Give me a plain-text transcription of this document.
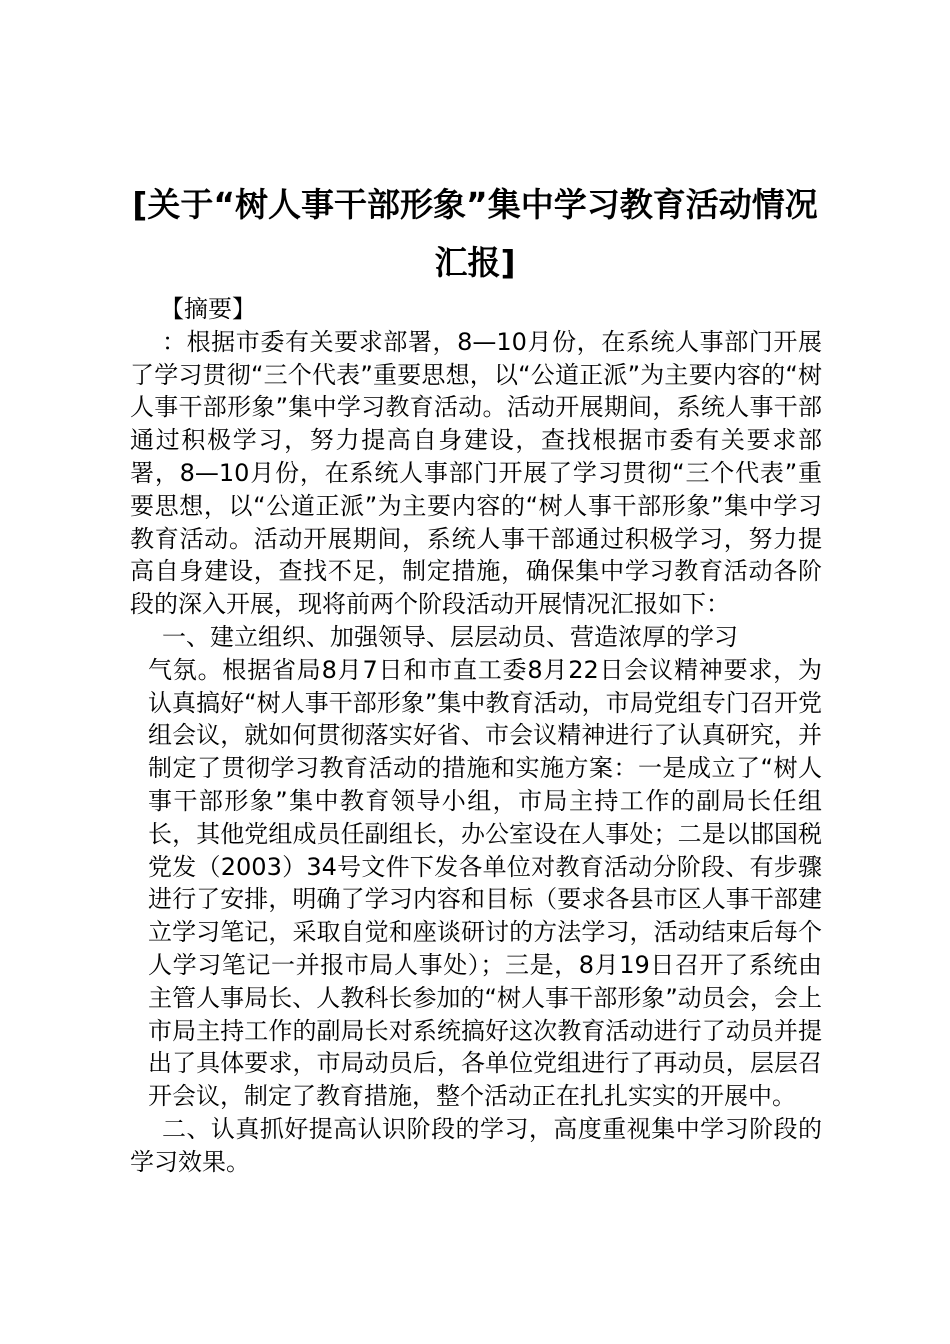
[关于“树人事干部形象”集中学习教育活动情况汇报]

【摘要】

：根据市委有关要求部署，8—10月份，在系统人事部门开展了学习贯彻“三个代表”重要思想，以“公道正派”为主要内容的“树人事干部形象”集中学习教育活动。活动开展期间，系统人事干部通过积极学习，努力提高自身建设，查找根据市委有关要求部署，8—10月份，在系统人事部门开展了学习贯彻“三个代表”重要思想，以“公道正派”为主要内容的“树人事干部形象”集中学习教育活动。活动开展期间，系统人事干部通过积极学习，努力提高自身建设，查找不足，制定措施，确保集中学习教育活动各阶段的深入开展，现将前两个阶段活动开展情况汇报如下：

一、建立组织、加强领导、层层动员、营造浓厚的学习

气氛。根据省局8月7日和市直工委8月22日会议精神要求，为认真搞好“树人事干部形象”集中教育活动，市局党组专门召开党组会议，就如何贯彻落实好省、市会议精神进行了认真研究，并制定了贯彻学习教育活动的措施和实施方案：一是成立了“树人事干部形象”集中教育领导小组，市局主持工作的副局长任组长，其他党组成员任副组长，办公室设在人事处；二是以邯国税党发（2003）34号文件下发各单位对教育活动分阶段、有步骤进行了安排，明确了学习内容和目标（要求各县市区人事干部建立学习笔记，采取自觉和座谈研讨的方法学习，活动结束后每个人学习笔记一并报市局人事处）；三是，8月19日召开了系统由主管人事局长、人教科长参加的“树人事干部形象”动员会，会上市局主持工作的副局长对系统搞好这次教育活动进行了动员并提出了具体要求，市局动员后，各单位党组进行了再动员，层层召开会议，制定了教育措施，整个活动正在扎扎实实的开展中。

二、认真抓好提高认识阶段的学习，高度重视集中学习阶段的学习效果。
